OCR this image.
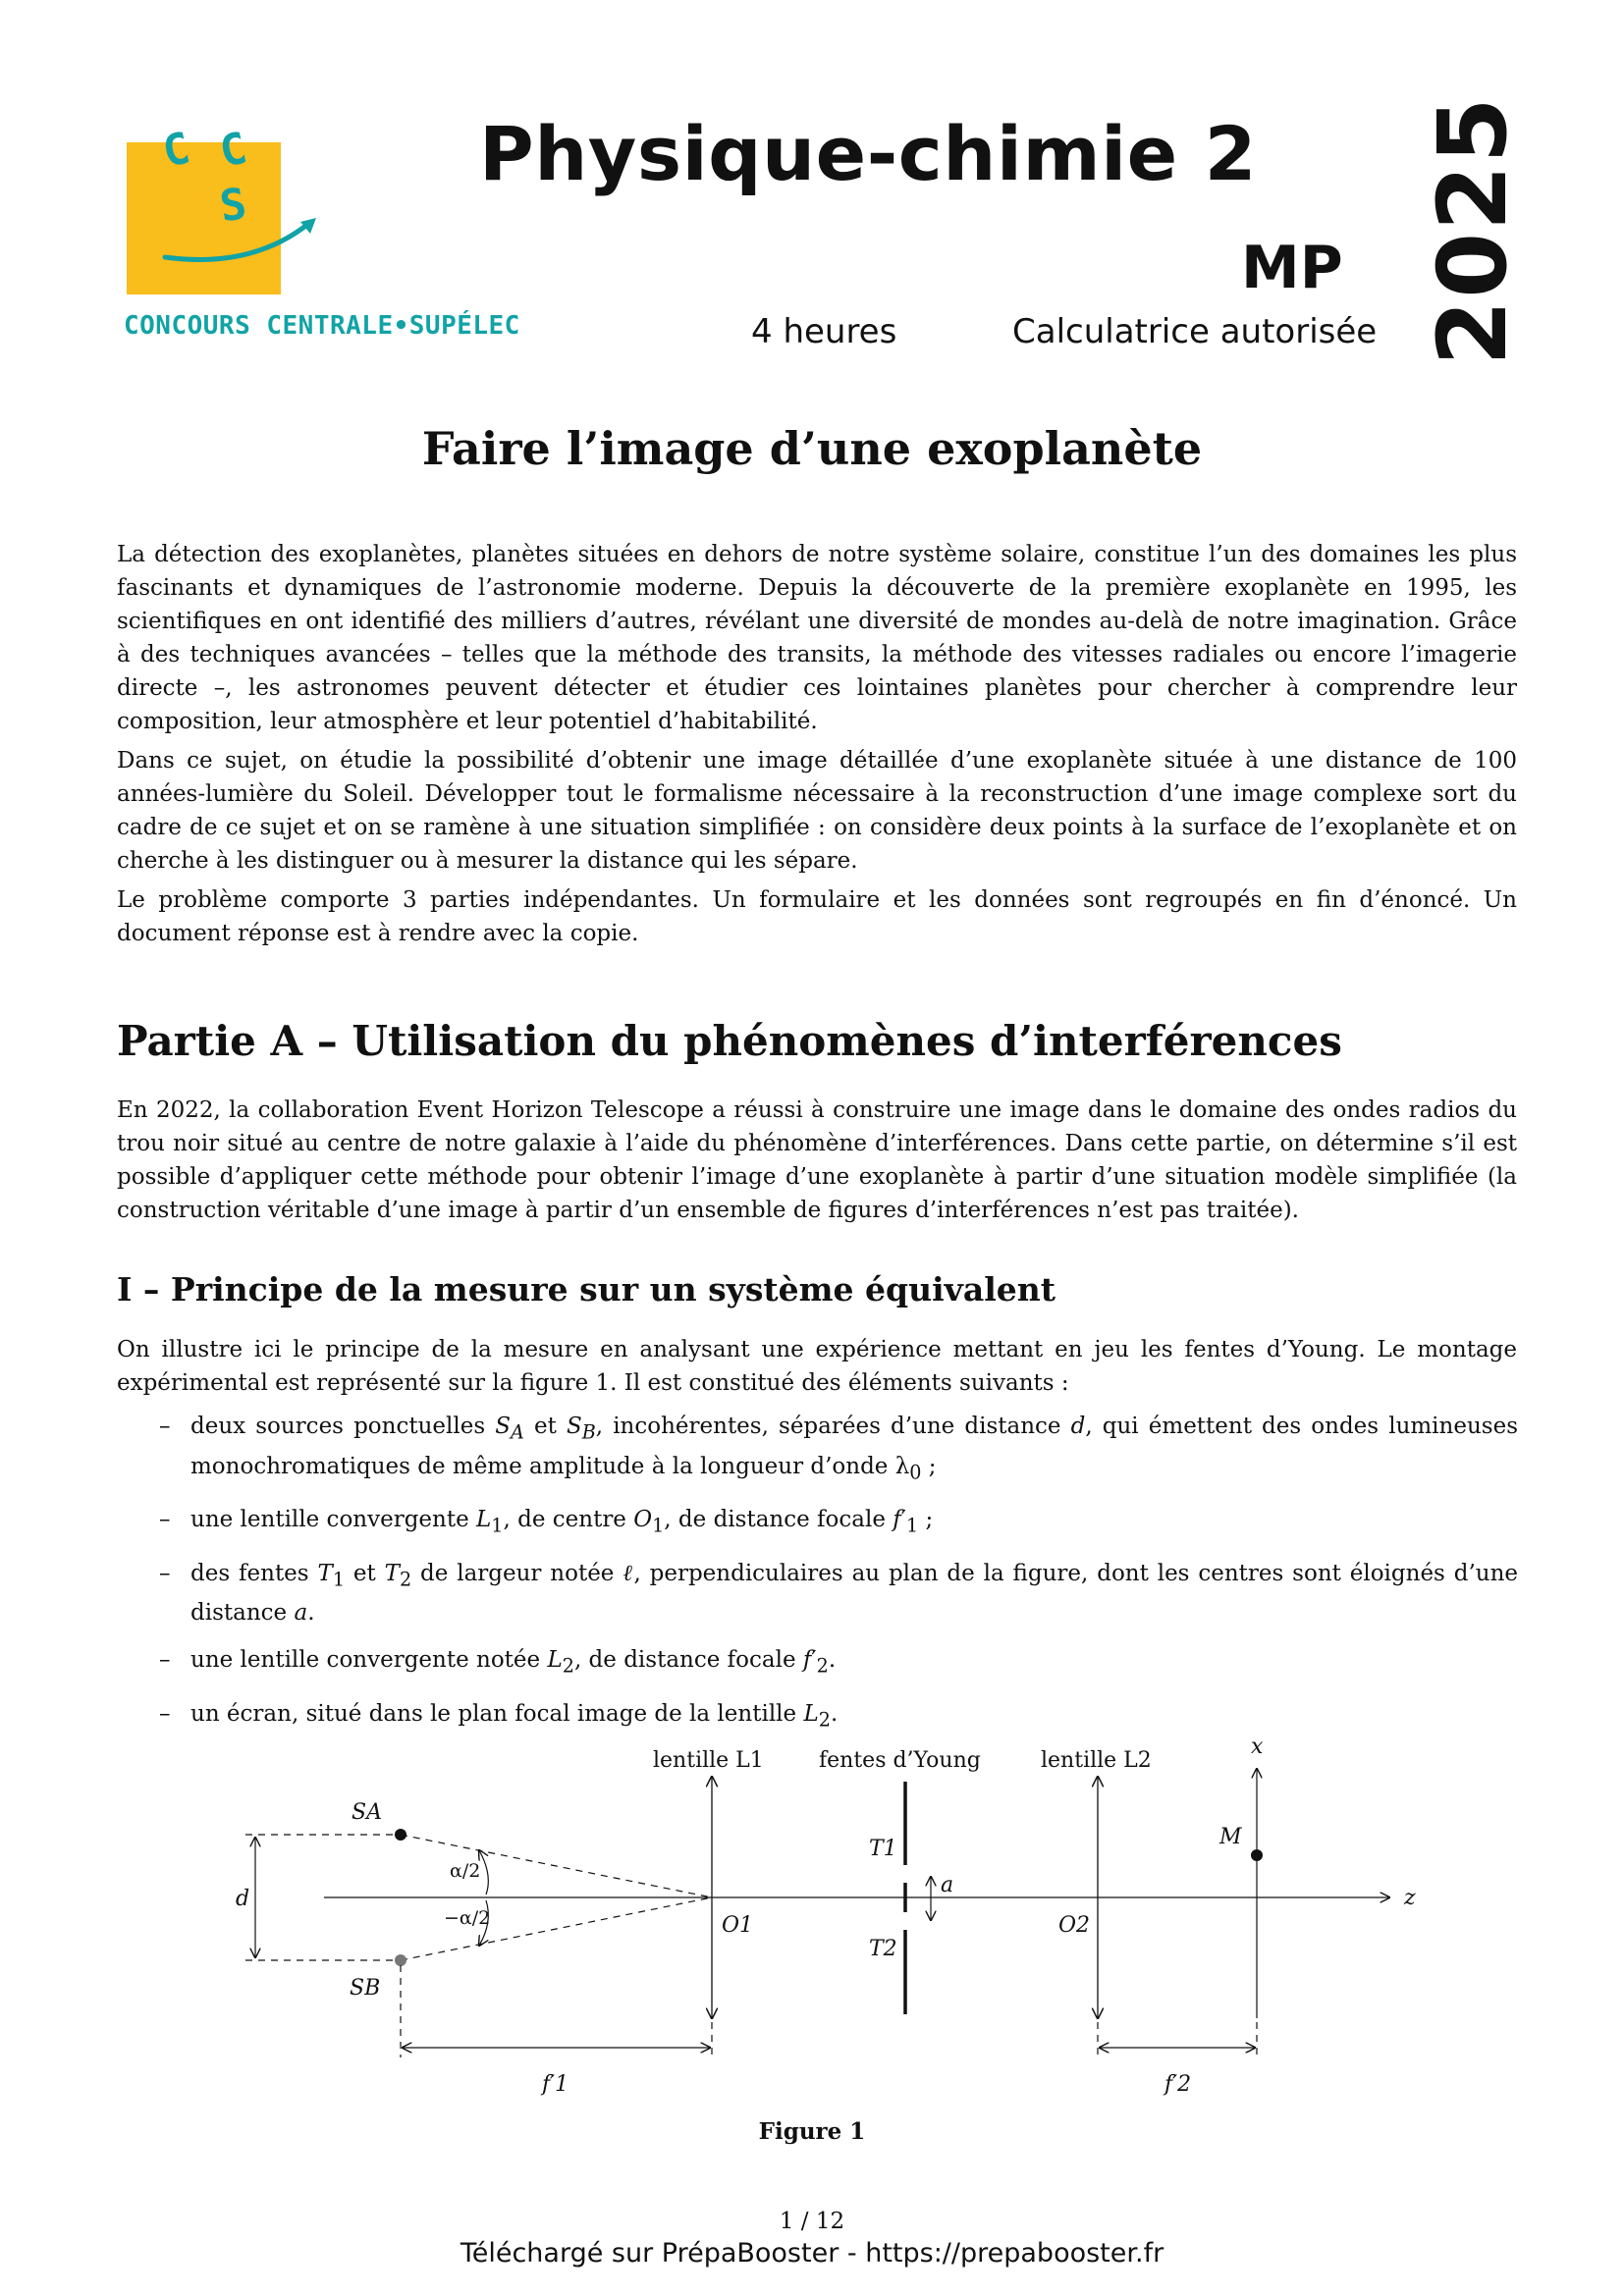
C C
S
CONCOURS CENTRALE•SUPÉLEC
Physique-chimie 2
MP
4 heures	Calculatrice autorisée 2025
Faire l’image d’une exoplanète
La détection des exoplanètes, planètes situées en dehors de notre système solaire, constitue l’un des domaines les plus fascinants et dynamiques de l’astronomie moderne. Depuis la découverte de la première exoplanète en 1995, les scientifiques en ont identifié des milliers d’autres, révélant une diversité de mondes au-delà de notre imagination. Grâce à des techniques avancées – telles que la méthode des transits, la méthode des vitesses radiales ou encore l’imagerie directe –, les astronomes peuvent détecter et étudier ces lointaines planètes pour chercher à comprendre leur composition, leur atmosphère et leur potentiel d’habitabilité.
Dans ce sujet, on étudie la possibilité d’obtenir une image détaillée d’une exoplanète située à une distance de 100 années-lumière du Soleil. Développer tout le formalisme nécessaire à la reconstruction d’une image complexe sort du cadre de ce sujet et on se ramène à une situation simplifiée : on considère deux points à la surface de l’exoplanète et on cherche à les distinguer ou à mesurer la distance qui les sépare.
Le problème comporte 3 parties indépendantes. Un formulaire et les données sont regroupés en fin d’énoncé. Un document réponse est à rendre avec la copie.
Partie A – Utilisation du phénomènes d’interférences
En 2022, la collaboration Event Horizon Telescope a réussi à construire une image dans le domaine des ondes radios du trou noir situé au centre de notre galaxie à l’aide du phénomène d’interférences. Dans cette partie, on détermine s’il est possible d’appliquer cette méthode pour obtenir l’image d’une exoplanète à partir d’une situation modèle simplifiée (la construction véritable d’une image à partir d’un ensemble de figures d’interférences n’est pas traitée).
I – Principe de la mesure sur un système équivalent
On illustre ici le principe de la mesure en analysant une expérience mettant en jeu les fentes d’Young. Le montage expérimental est représenté sur la figure 1. Il est constitué des éléments suivants :
– deux sources ponctuelles $S_A$ et $S_B$, incohérentes, séparées d’une distance d, qui émettent des ondes lumineuses monochromatiques de même amplitude à la longueur d’onde $\lambda_0$ ;
– une lentille convergente $L_1$, de centre $O_1$, de distance focale $f'_1$ ;
– des fentes $T_1$ et $T_2$ de largeur notée ℓ, perpendiculaires au plan de la figure, dont les centres sont éloignés d’une distance a.
– une lentille convergente notée $L_2$, de distance focale $f'_2$.
– un écran, situé dans le plan focal image de la lentille $L_2$.
z
d
SA
SB
α/2
−α/2
lentille L1
O1
fentes d’Young
T1
T2
a
lentille L2
O2
x
M
f′1	f′2
Figure 1
1 / 12
Téléchargé sur PrépaBooster - https://prepabooster.fr
